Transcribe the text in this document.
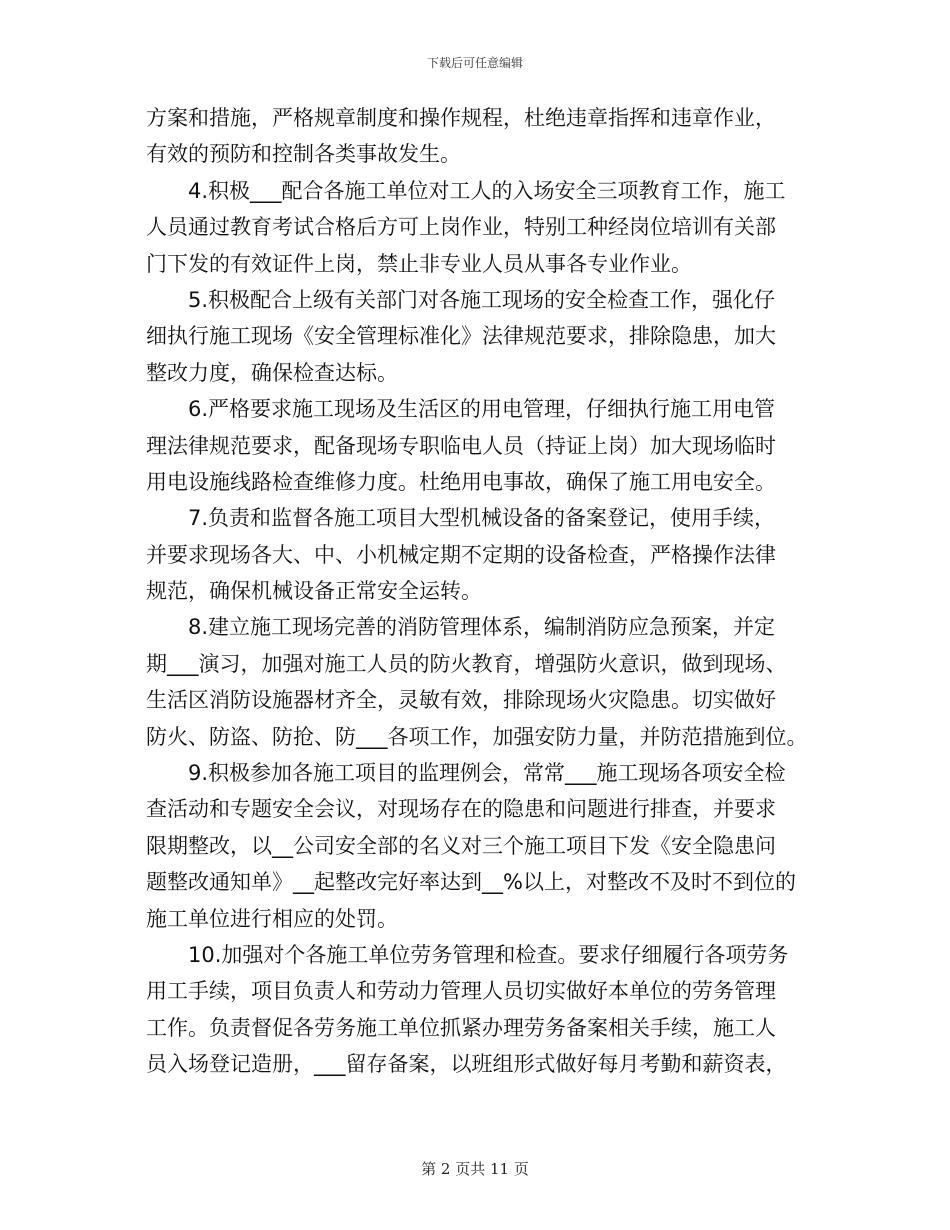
下载后可任意编辑
方案和措施，严格规章制度和操作规程，杜绝违章指挥和违章作业，
有效的预防和控制各类事故发生。
4.积极___配合各施工单位对工人的入场安全三项教育工作，施工
人员通过教育考试合格后方可上岗作业，特别工种经岗位培训有关部
门下发的有效证件上岗，禁止非专业人员从事各专业作业。
5.积极配合上级有关部门对各施工现场的安全检查工作，强化仔
细执行施工现场《安全管理标准化》法律规范要求，排除隐患，加大
整改力度，确保检查达标。
6.严格要求施工现场及生活区的用电管理，仔细执行施工用电管
理法律规范要求，配备现场专职临电人员（持证上岗）加大现场临时
用电设施线路检查维修力度。杜绝用电事故，确保了施工用电安全。
7.负责和监督各施工项目大型机械设备的备案登记，使用手续，
并要求现场各大、中、小机械定期不定期的设备检查，严格操作法律
规范，确保机械设备正常安全运转。
8.建立施工现场完善的消防管理体系，编制消防应急预案，并定
期___演习，加强对施工人员的防火教育，增强防火意识，做到现场、
生活区消防设施器材齐全，灵敏有效，排除现场火灾隐患。切实做好
防火、防盗、防抢、防___各项工作，加强安防力量，并防范措施到位。
9.积极参加各施工项目的监理例会，常常___施工现场各项安全检
查活动和专题安全会议，对现场存在的隐患和问题进行排查，并要求
限期整改，以__公司安全部的名义对三个施工项目下发《安全隐患问
题整改通知单》__起整改完好率达到__%以上，对整改不及时不到位的
施工单位进行相应的处罚。
10.加强对个各施工单位劳务管理和检查。要求仔细履行各项劳务
用工手续，项目负责人和劳动力管理人员切实做好本单位的劳务管理
工作。负责督促各劳务施工单位抓紧办理劳务备案相关手续，施工人
员入场登记造册，___留存备案，以班组形式做好每月考勤和薪资表，
第 2 页共 11 页
